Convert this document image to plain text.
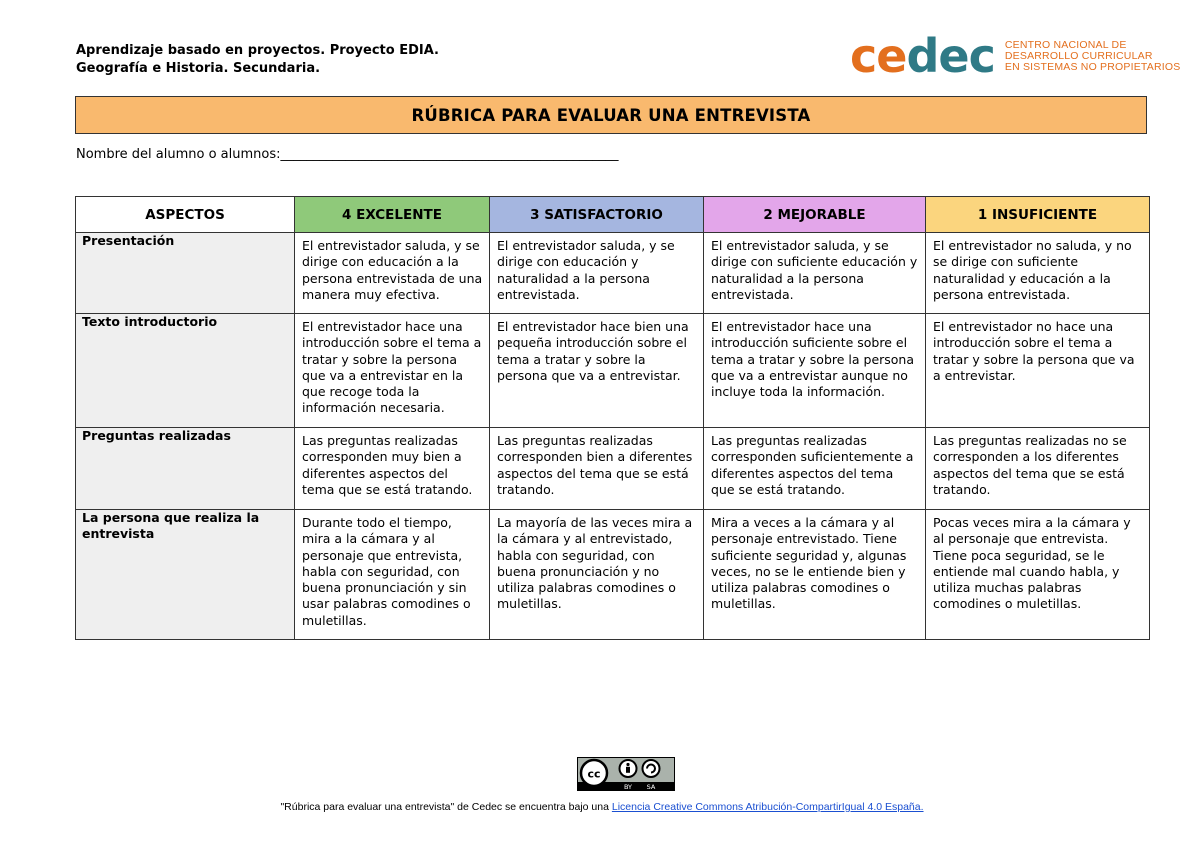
Aprendizaje basado en proyectos. Proyecto EDIA.
Geografía e Historia. Secundaria.	cedec CENTRO NACIONAL DE
DESARROLLO CURRICULAR
EN SISTEMAS NO PROPIETARIOS
RÚBRICA PARA EVALUAR UNA ENTREVISTA
Nombre del alumno o alumnos:____________________________________________________
ASPECTOS	4 EXCELENTE	3 SATISFACTORIO	2 MEJORABLE	1 INSUFICIENTE
Presentación	El entrevistador saluda, y se dirige con educación a la persona entrevistada de una manera muy efectiva.	El entrevistador saluda, y se dirige con educación y naturalidad a la persona entrevistada.	El entrevistador saluda, y se dirige con suficiente educación y naturalidad a la persona entrevistada.	El entrevistador no saluda, y no se dirige con suficiente naturalidad y educación a la persona entrevistada.
Texto introductorio	El entrevistador hace una introducción sobre el tema a tratar y sobre la persona que va a entrevistar en la que recoge toda la información necesaria.	El entrevistador hace bien una pequeña introducción sobre el tema a tratar y sobre la persona que va a entrevistar.	El entrevistador hace una introducción suficiente sobre el tema a tratar y sobre la persona que va a entrevistar aunque no incluye toda la información.	El entrevistador no hace una introducción sobre el tema a tratar y sobre la persona que va a entrevistar.
Preguntas realizadas	Las preguntas realizadas corresponden muy bien a diferentes aspectos del tema que se está tratando.	Las preguntas realizadas corresponden bien a diferentes aspectos del tema que se está tratando.	Las preguntas realizadas corresponden suficientemente a diferentes aspectos del tema que se está tratando.	Las preguntas realizadas no se corresponden a los diferentes aspectos del tema que se está tratando.
La persona que realiza la entrevista	Durante todo el tiempo, mira a la cámara y al personaje que entrevista, habla con seguridad, con buena pronunciación y sin usar palabras comodines o muletillas.	La mayoría de las veces mira a la cámara y al entrevistado, habla con seguridad, con buena pronunciación y no utiliza palabras comodines o muletillas.	Mira a veces a la cámara y al personaje entrevistado. Tiene suficiente seguridad y, algunas veces, no se le entiende bien y utiliza palabras comodines o muletillas.	Pocas veces mira a la cámara y al personaje que entrevista. Tiene poca seguridad, se le entiende mal cuando habla, y utiliza muchas palabras comodines o muletillas.
cc
BY SA
"Rúbrica para evaluar una entrevista" de Cedec se encuentra bajo una Licencia Creative Commons Atribución-CompartirIgual 4.0 España.
